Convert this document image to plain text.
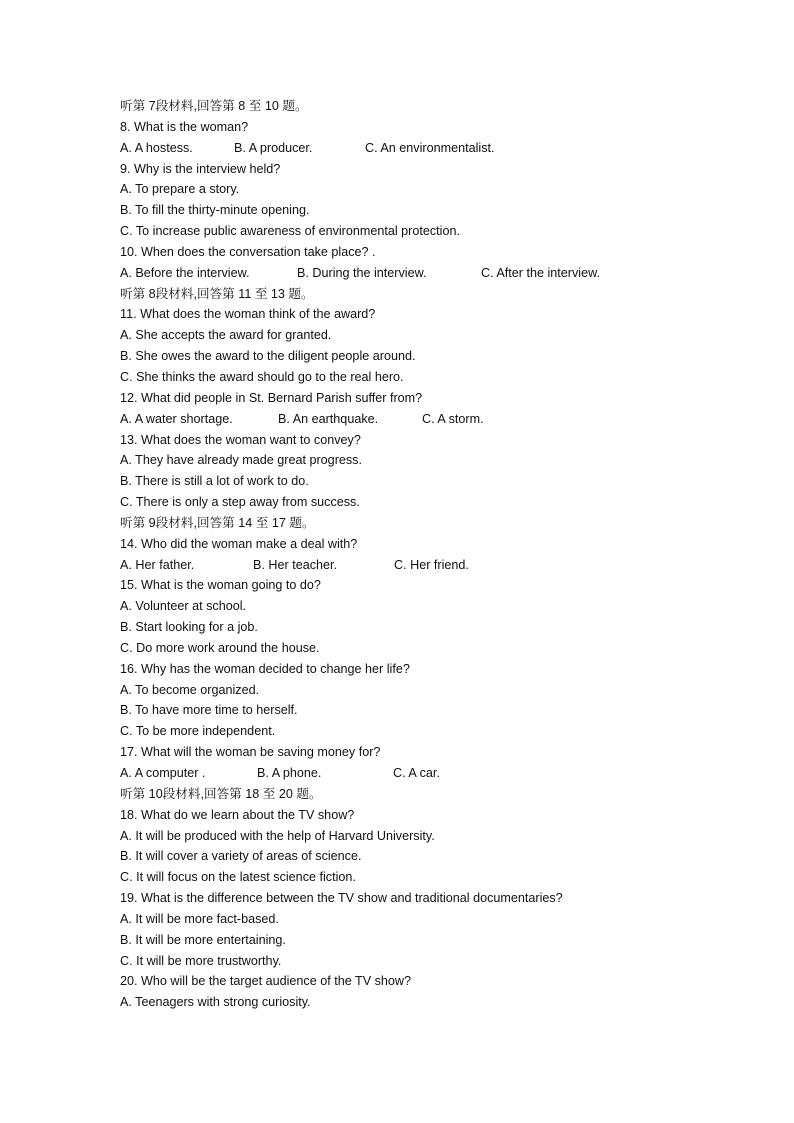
听第 7段材料,回答第 8 至 10 题。
8. What is the woman?
A. A hostess.	B. A producer.	C. An environmentalist.
9. Why is the interview held?
A. To prepare a story.
B. To fill the thirty-minute opening.
C. To increase public awareness of environmental protection.
10. When does the conversation take place? .
A. Before the interview.	B. During the interview.	C. After the interview.
听第 8段材料,回答第 11 至 13 题。
11. What does the woman think of the award?
A. She accepts the award for granted.
B. She owes the award to the diligent people around.
C. She thinks the award should go to the real hero.
12. What did people in St. Bernard Parish suffer from?
A. A water shortage.	B. An earthquake.	C. A storm.
13. What does the woman want to convey?
A. They have already made great progress.
B. There is still a lot of work to do.
C. There is only a step away from success.
听第 9段材料,回答第 14 至 17 题。
14. Who did the woman make a deal with?
A. Her father.	B. Her teacher.	C. Her friend.
15. What is the woman going to do?
A. Volunteer at school.
B. Start looking for a job.
C. Do more work around the house.
16. Why has the woman decided to change her life?
A. To become organized.
B. To have more time to herself.
C. To be more independent.
17. What will the woman be saving money for?
A. A computer .	B. A phone.	C. A car.
听第 10段材料,回答第 18 至 20 题。
18. What do we learn about the TV show?
A. It will be produced with the help of Harvard University.
B. It will cover a variety of areas of science.
C. It will focus on the latest science fiction.
19. What is the difference between the TV show and traditional documentaries?
A. It will be more fact-based.
B. It will be more entertaining.
C. It will be more trustworthy.
20. Who will be the target audience of the TV show?
A. Teenagers with strong curiosity.
